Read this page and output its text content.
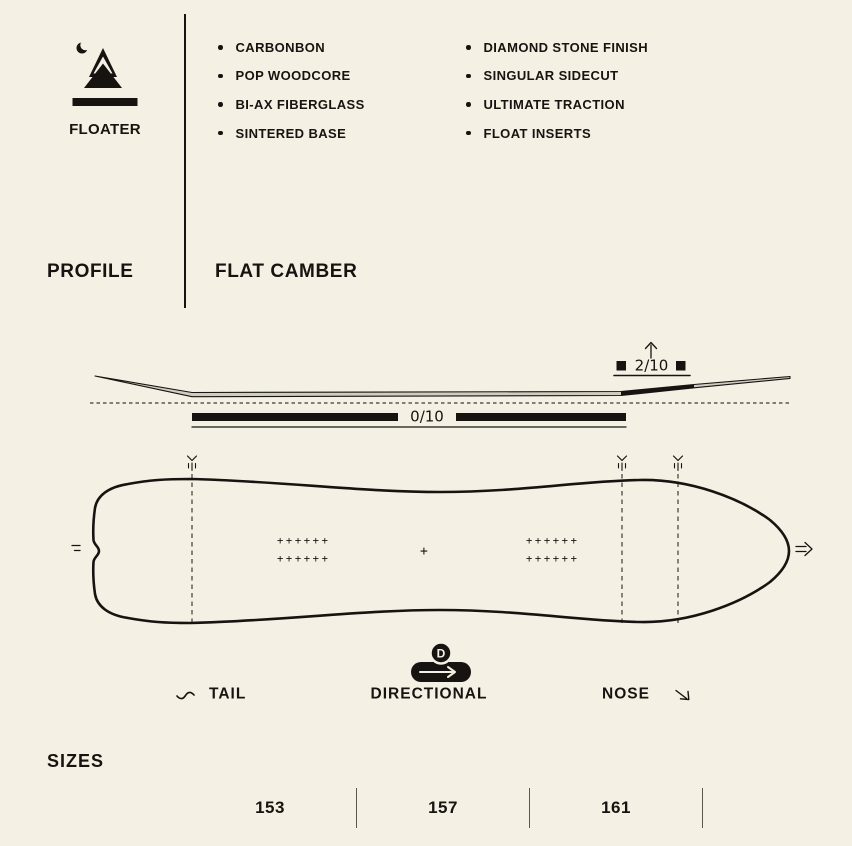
FLOATER
CARBONBON
POP WOODCORE
BI-AX FIBERGLASS
SINTERED BASE
DIAMOND STONE FINISH
SINGULAR SIDECUT
ULTIMATE TRACTION
FLOAT INSERTS
PROFILE	FLAT CAMBER
2/10
0/10
++++++
++++++	+
++++++
++++++
D
TAIL	DIRECTIONAL	NOSE
SIZES
153	157	161
